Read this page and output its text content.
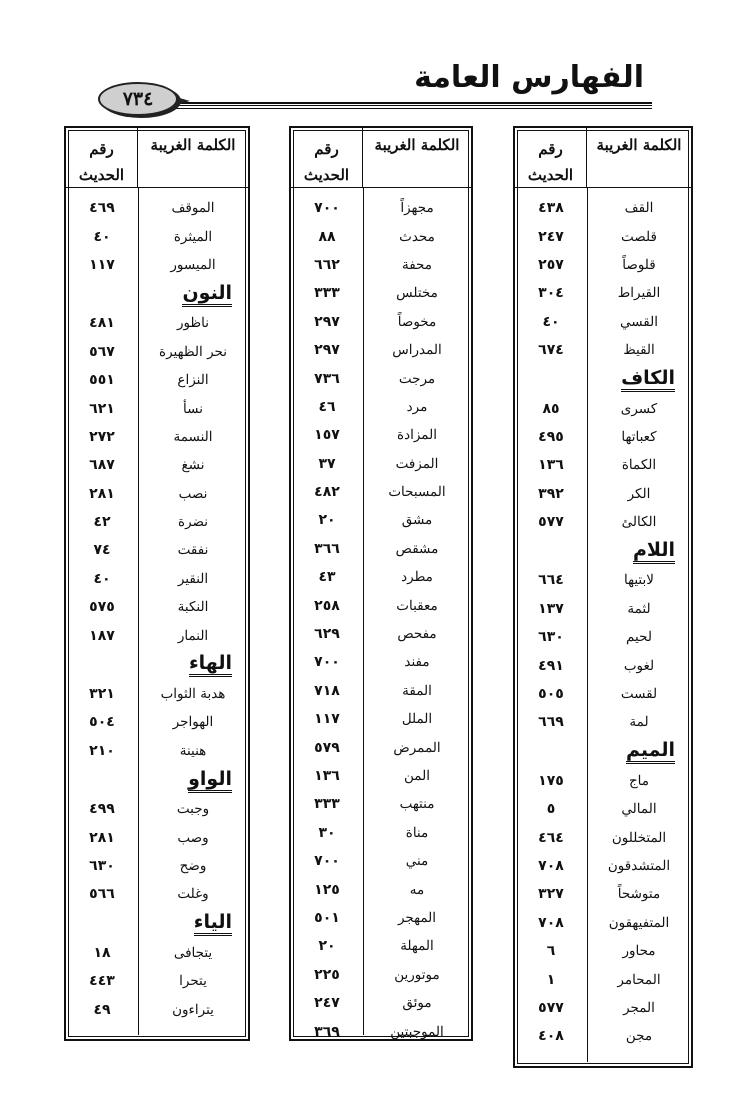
الفهارس العامة
٧٣٤
الكلمة الغريبة
رقم الحديث
القف
٤٣٨
قلصت
٢٤٧
قلوصاً
٢٥٧
القيراط
٣٠٤
القسي
٤٠
القيظ
٦٧٤
الكاف
كسرى
٨٥
كعباتها
٤٩٥
الكماة
١٣٦
الكر
٣٩٢
الكالئ
٥٧٧
اللام
لابتيها
٦٦٤
لثمة
١٣٧
لحيم
٦٣٠
لغوب
٤٩١
لقست
٥٠٥
لمة
٦٦٩
الميم
ماج
١٧٥
المالي
٥
المتخللون
٤٦٤
المتشدقون
٧٠٨
متوشحاً
٣٢٧
المتفيهقون
٧٠٨
محاور
٦
المحامر
١
المجر
٥٧٧
مجن
٤٠٨
الكلمة الغريبة
رقم الحديث
مجهزاً
٧٠٠
محدث
٨٨
محفة
٦٦٢
مختلس
٣٣٣
مخوصاً
٢٩٧
المدراس
٢٩٧
مرجت
٧٣٦
مرد
٤٦
المزادة
١٥٧
المزفت
٣٧
المسبحات
٤٨٢
مشق
٢٠
مشقص
٣٦٦
مطرد
٤٣
معقبات
٢٥٨
مفحص
٦٢٩
مفند
٧٠٠
المقة
٧١٨
الملل
١١٧
الممرض
٥٧٩
المن
١٣٦
منتهب
٣٣٣
مناة
٣٠
مني
٧٠٠
مه
١٢٥
المهجر
٥٠١
المهلة
٢٠
موتورين
٢٢٥
موئق
٢٤٧
الموجبتين
٣٦٩
الكلمة الغريبة
رقم الحديث
الموقف
٤٦٩
الميثرة
٤٠
الميسور
١١٧
النون
ناظور
٤٨١
نحر الظهيرة
٥٦٧
النزاع
٥٥١
نسأ
٦٢١
النسمة
٢٧٢
نشغ
٦٨٧
نصب
٢٨١
نضرة
٤٢
نفقت
٧٤
النقير
٤٠
النكبة
٥٧٥
النمار
١٨٧
الهاء
هدبة الثواب
٣٢١
الهواجر
٥٠٤
هنينة
٢١٠
الواو
وجبت
٤٩٩
وصب
٢٨١
وضح
٦٣٠
وغلت
٥٦٦
الياء
يتجافى
١٨
يتحرا
٤٤٣
يتراءون
٤٩
